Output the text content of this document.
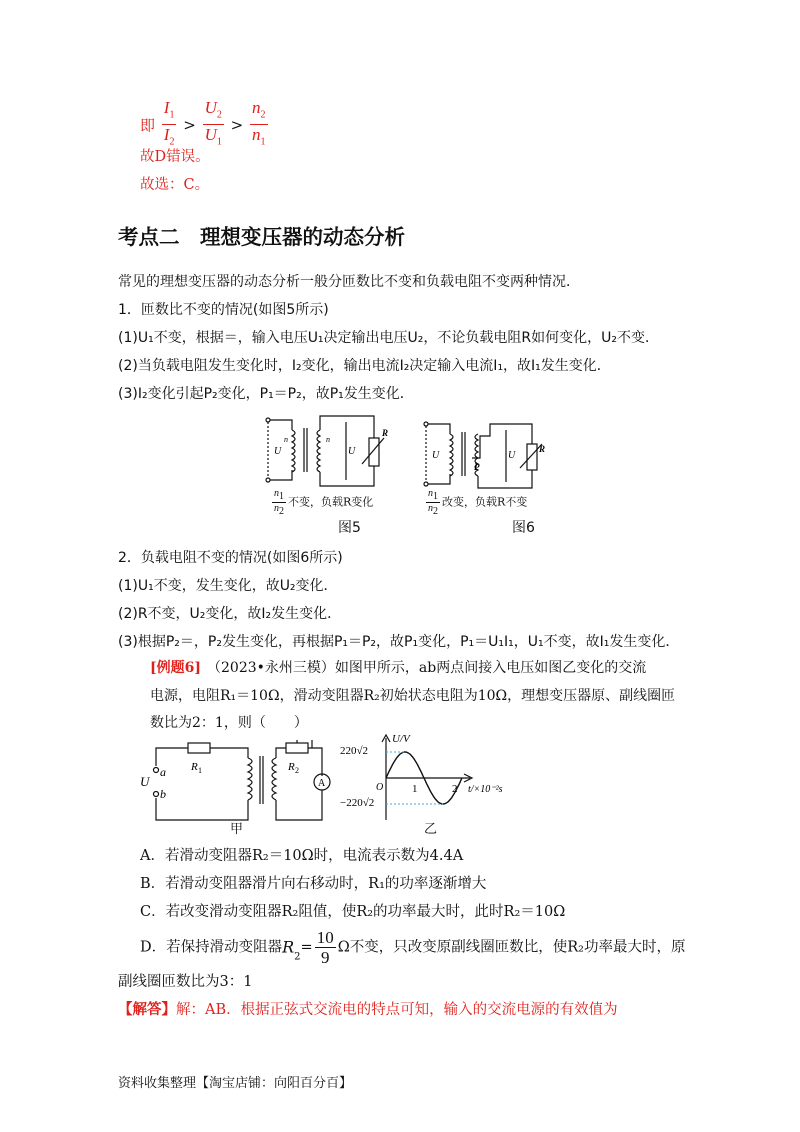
即 $\frac{I_1}{I_2} > \frac{U_2}{U_1} > \frac{n_2}{n_1}$
故D错误。
故选：C。
考点二　理想变压器的动态分析
常见的理想变压器的动态分析一般分匝数比不变和负载电阻不变两种情况．
1．匝数比不变的情况(如图5所示)
(1)U₁不变，根据＝，输入电压U₁决定输出电压U₂，不论负载电阻R如何变化，U₂不变．
(2)当负载电阻发生变化时，I₂变化，输出电流I₂决定输入电流I₁，故I₁发生变化．
(3)I₂变化引起P₂变化，P₁＝P₂，故P₁发生变化．
U
n	n
U
R
$\frac{n_1}{n_2}$ 不变，负载R变化
图5
U
P
U
R
$\frac{n_1}{n_2}$ 改变，负载R不变
图6
2．负载电阻不变的情况(如图6所示)
(1)U₁不变，发生变化，故U₂变化．
(2)R不变，U₂变化，故I₂发生变化．
(3)根据P₂＝，P₂发生变化，再根据P₁＝P₂，故P₁变化，P₁＝U₁I₁，U₁不变，故I₁发生变化．
[例题6] （2023•永州三模）如图甲所示，ab两点间接入电压如图乙变化的交流
电源，电阻R₁＝10Ω，滑动变阻器R₂初始状态电阻为10Ω，理想变压器原、副线圈匝
数比为2：1，则（　　）
R 1	R 2
A
U
a
b
甲
220√2
−220√2
U/V
O	1	2 t/×10⁻²s
乙
A．若滑动变阻器R₂＝10Ω时，电流表示数为4.4A
B．若滑动变阻器滑片向右移动时，R₁的功率逐渐增大
C．若改变滑动变阻器R₂阻值，使R₂的功率最大时，此时R₂＝10Ω
D．若保持滑动变阻器$R_2= \frac{10}{9}$ Ω不变，只改变原副线圈匝数比，使R₂功率最大时，原
副线圈匝数比为3：1
【解答】解：AB．根据正弦式交流电的特点可知，输入的交流电源的有效值为
资料收集整理【淘宝店铺：向阳百分百】
